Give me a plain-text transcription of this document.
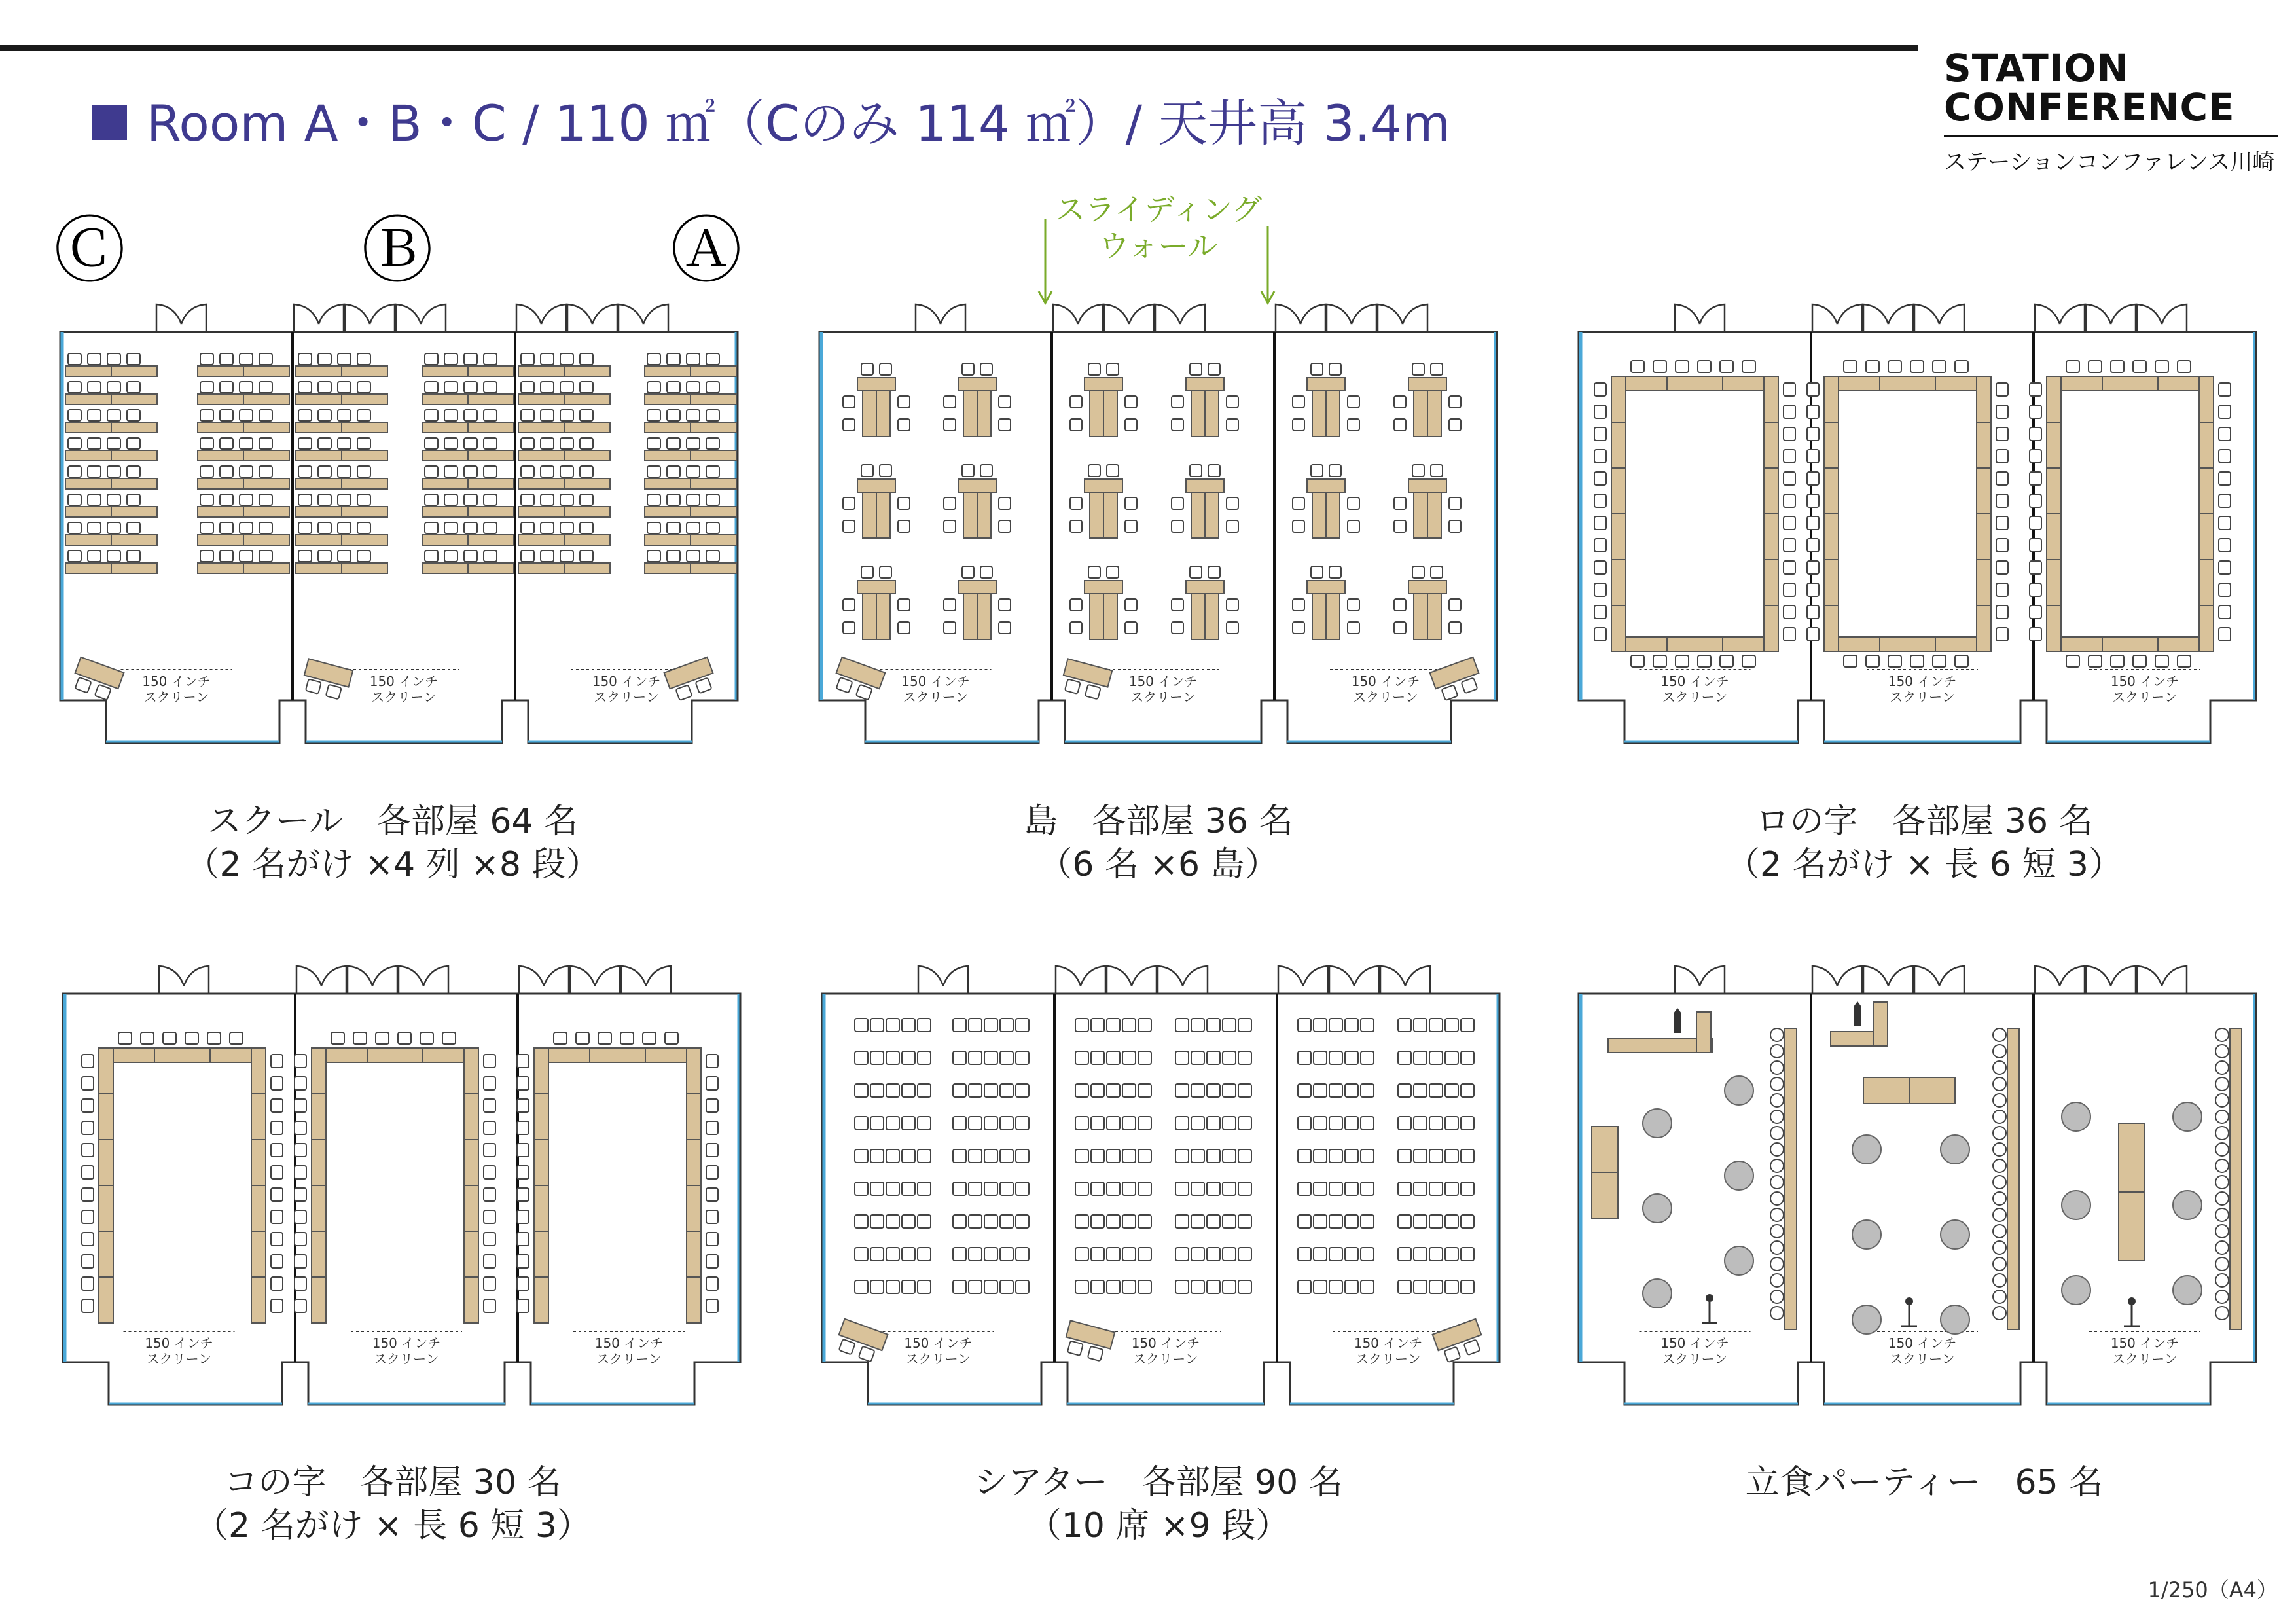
Room A・B・C / 110 ㎡（Cのみ 114 ㎡）/ 天井高 3.4m
STATION
CONFERENCE
ステーションコンファレンス川崎
Ⓒ	Ⓑ	Ⓐ	スライディング
ウォール
150 インチ
スクリーン
150 インチ
スクリーン
150 インチ
スクリーン
150 インチ
スクリーン
150 インチ
スクリーン
150 インチ
スクリーン
150 インチ
スクリーン
150 インチ
スクリーン
150 インチ
スクリーン
150 インチ
スクリーン
150 インチ
スクリーン
150 インチ
スクリーン
150 インチ
スクリーン
150 インチ
スクリーン
150 インチ
スクリーン
150 インチ
スクリーン
150 インチ
スクリーン
150 インチ
スクリーン
スクール　各部屋 64 名
（2 名がけ ×4 列 ×8 段）
島　各部屋 36 名
（6 名 ×6 島）
ロの字　各部屋 36 名
（2 名がけ × 長 6 短 3）
コの字　各部屋 30 名
（2 名がけ × 長 6 短 3）
シアター　各部屋 90 名
（10 席 ×9 段）
立食パーティー　65 名
1/250（A4）
